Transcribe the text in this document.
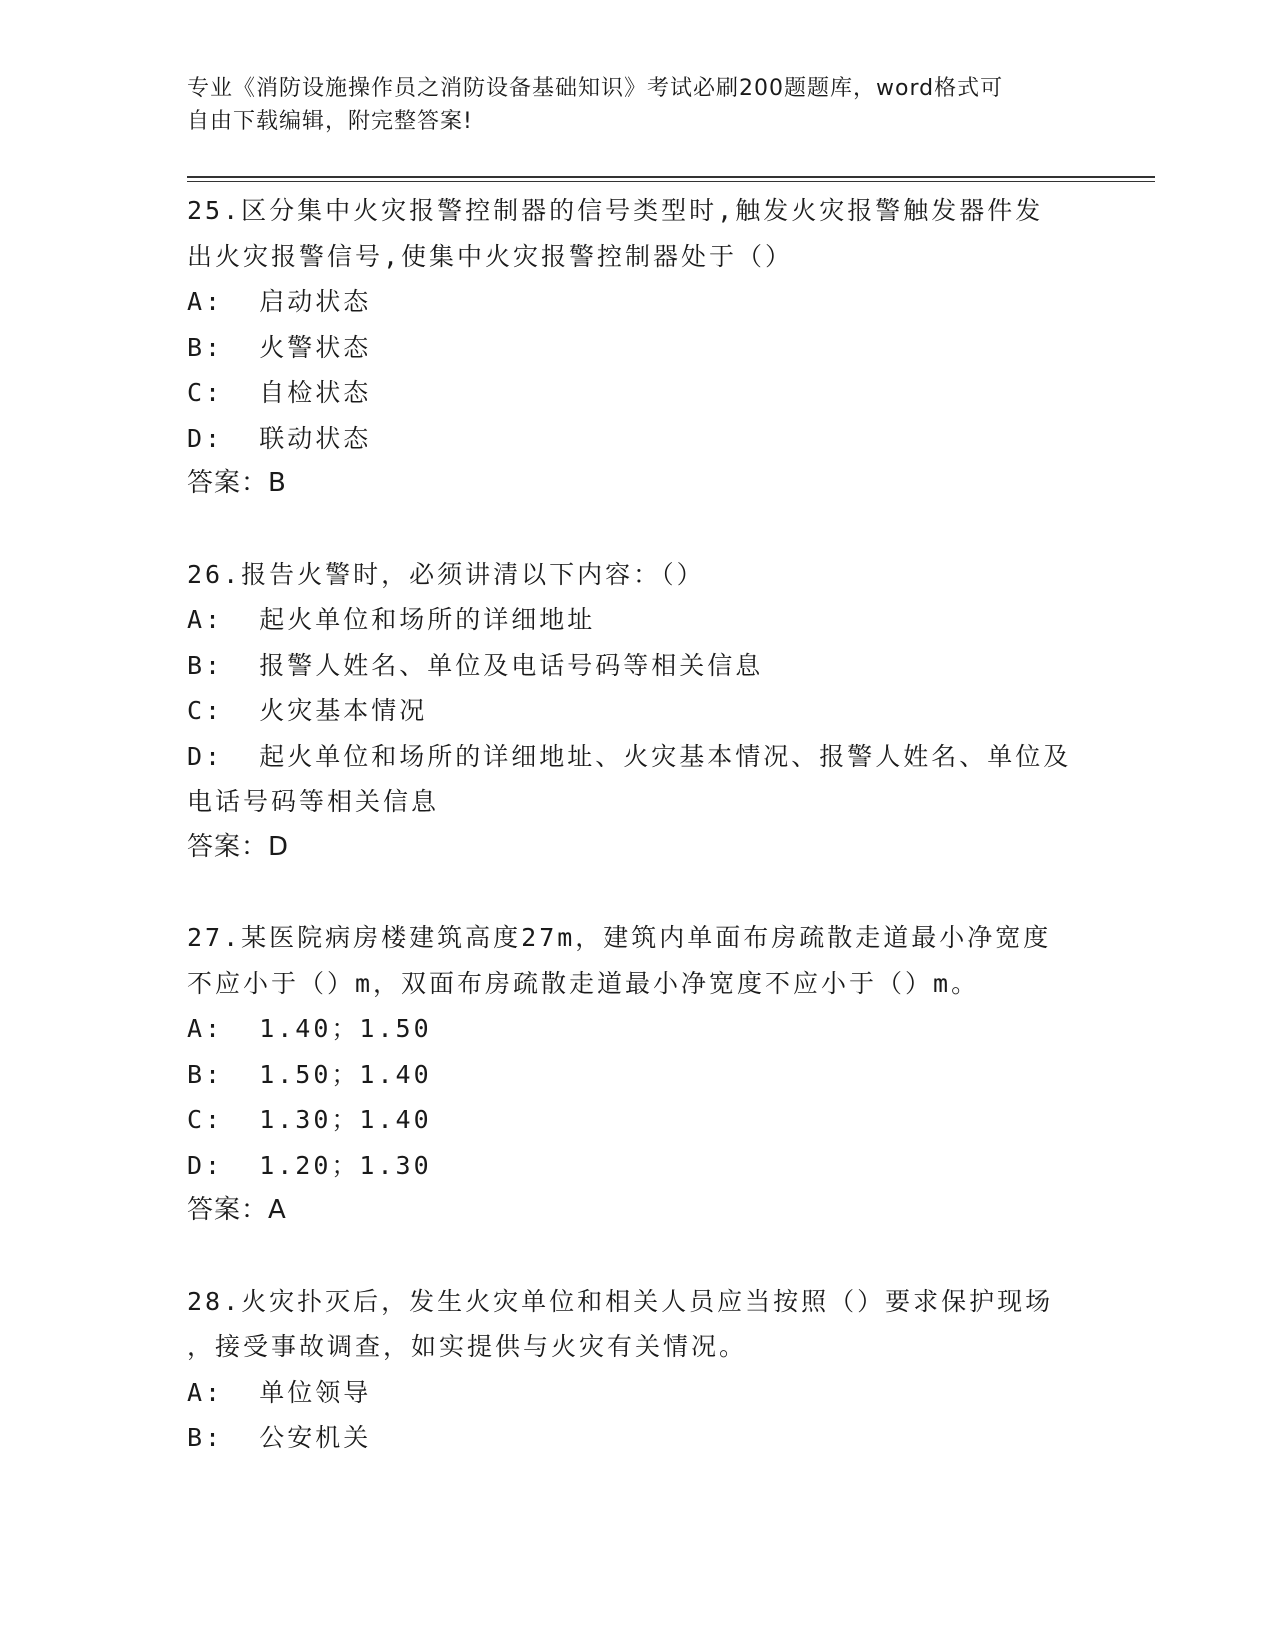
专业《消防设施操作员之消防设备基础知识》考试必刷200题题库，word格式可
自由下载编辑，附完整答案!
25.区分集中火灾报警控制器的信号类型时,触发火灾报警触发器件发
出火灾报警信号,使集中火灾报警控制器处于（）
A:  启动状态
B:  火警状态
C:  自检状态
D:  联动状态
答案：B
26.报告火警时，必须讲清以下内容：（）
A:  起火单位和场所的详细地址
B:  报警人姓名、单位及电话号码等相关信息
C:  火灾基本情况
D:  起火单位和场所的详细地址、火灾基本情况、报警人姓名、单位及
电话号码等相关信息
答案：D
27.某医院病房楼建筑高度27m，建筑内单面布房疏散走道最小净宽度
不应小于（）m，双面布房疏散走道最小净宽度不应小于（）m。
A:  1.40；1.50
B:  1.50；1.40
C:  1.30；1.40
D:  1.20；1.30
答案：A
28.火灾扑灭后，发生火灾单位和相关人员应当按照（）要求保护现场
，接受事故调查，如实提供与火灾有关情况。
A:  单位领导
B:  公安机关
